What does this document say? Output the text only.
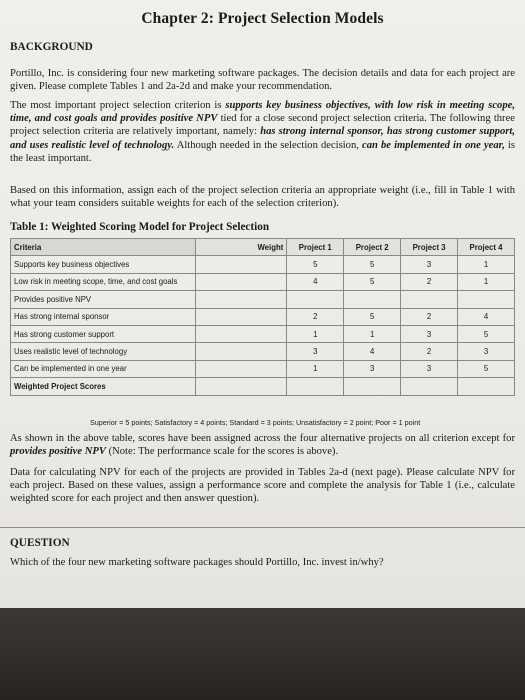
Chapter 2: Project Selection Models
BACKGROUND
Portillo, Inc. is considering four new marketing software packages. The decision details and data for each project are given. Please complete Tables 1 and 2a-2d and make your recommendation.
The most important project selection criterion is supports key business objectives, with low risk in meeting scope, time, and cost goals and provides positive NPV tied for a close second project selection criteria. The following three project selection criteria are relatively important, namely: has strong internal sponsor, has strong customer support, and uses realistic level of technology. Although needed in the selection decision, can be implemented in one year, is the least important.
Based on this information, assign each of the project selection criteria an appropriate weight (i.e., fill in Table 1 with what your team considers suitable weights for each of the selection criterion).
Table 1: Weighted Scoring Model for Project Selection
Criteria	Weight	Project 1	Project 2	Project 3	Project 4
Supports key business objectives		5	5	3	1
Low risk in meeting scope, time, and cost goals		4	5	2	1
Provides positive NPV					
Has strong internal sponsor		2	5	2	4
Has strong customer support		1	1	3	5
Uses realistic level of technology		3	4	2	3
Can be implemented in one year		1	3	3	5
Weighted Project Scores					
Superior = 5 points; Satisfactory = 4 points; Standard = 3 points; Unsatisfactory = 2 point; Poor = 1 point
As shown in the above table, scores have been assigned across the four alternative projects on all criterion except for provides positive NPV (Note: The performance scale for the scores is above).
Data for calculating NPV for each of the projects are provided in Tables 2a-d (next page). Please calculate NPV for each project. Based on these values, assign a performance score and complete the analysis for Table 1 (i.e., calculate weighted score for each project and then answer question).
QUESTION
Which of the four new marketing software packages should Portillo, Inc. invest in/why?
